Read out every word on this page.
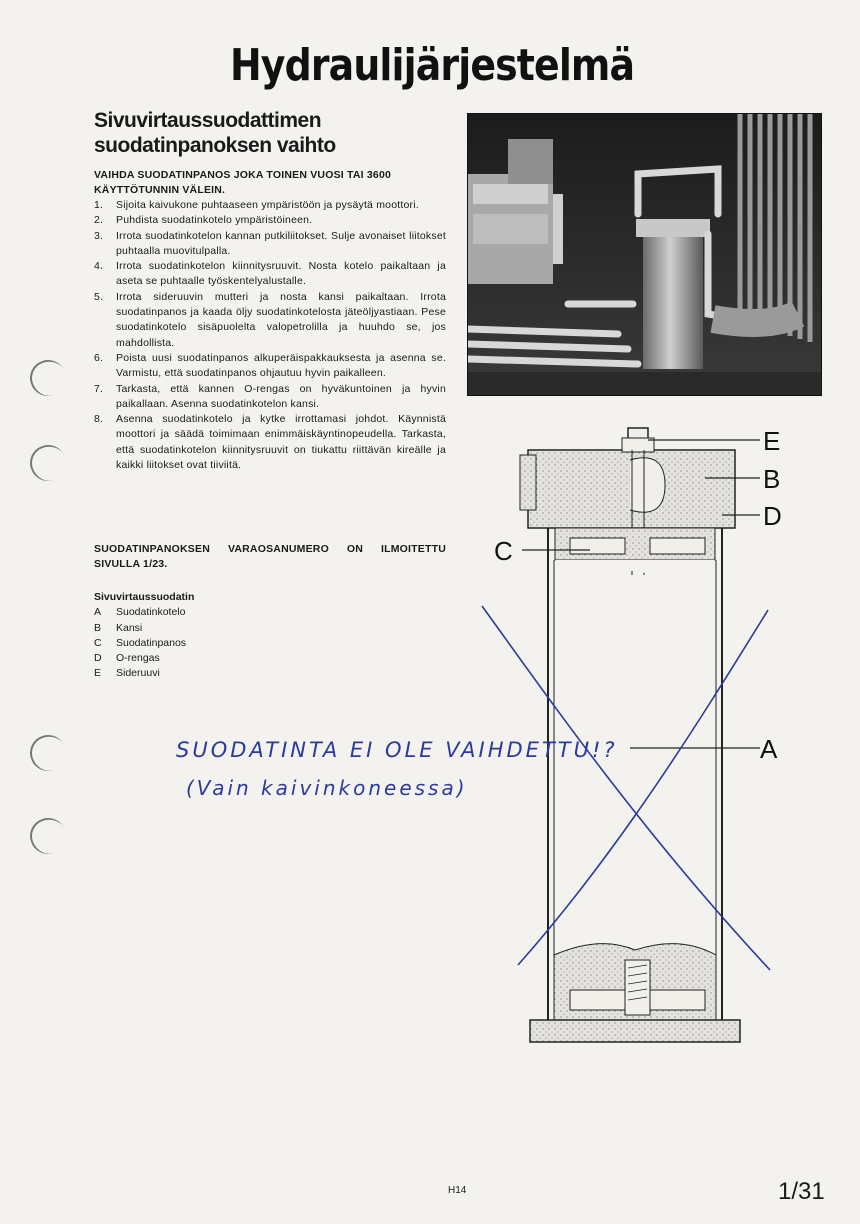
Hydraulijärjestelmä
Sivuvirtaussuodattimen suodatinpanoksen vaihto
VAIHDA SUODATINPANOS JOKA TOINEN VUOSI TAI 3600 KÄYTTÖTUNNIN VÄLEIN.
1.	Sijoita kaivukone puhtaaseen ympäristöön ja pysäytä moottori.
2.	Puhdista suodatinkotelo ympäristöineen.
3.	Irrota suodatinkotelon kannan putkiliitokset. Sulje avonaiset liitokset puhtaalla muovitulpalla.
4.	Irrota suodatinkotelon kiinnitysruuvit. Nosta kotelo paikaltaan ja aseta se puhtaalle työskentelyalustalle.
5.	Irrota sideruuvin mutteri ja nosta kansi paikaltaan. Irrota suodatinpanos ja kaada öljy suodatinkotelosta jäteöljyastiaan. Pese suodatinkotelo sisäpuolelta valopetrolilla ja huuhdo se, jos mahdollista.
6.	Poista uusi suodatinpanos alkuperäispakkauksesta ja asenna se. Varmistu, että suodatinpanos ohjautuu hyvin paikalleen.
7.	Tarkasta, että kannen O-rengas on hyväkuntoinen ja hyvin paikallaan. Asenna suodatinkotelon kansi.
8.	Asenna suodatinkotelo ja kytke irrottamasi johdot. Käynnistä moottori ja säädä toimimaan enimmäiskäyntinopeudella. Tarkasta, että suodatinkotelon kiinnitysruuvit on tiukattu riittävän kireälle ja kaikki liitokset ovat tiiviitä.
SUODATINPANOKSEN VARAOSANUMERO ON ILMOITETTU SIVULLA 1/23.
Sivuvirtaussuodatin
A	Suodatinkotelo
B	Kansi
C	Suodatinpanos
D	O-rengas
E	Sideruuvi
E
B
D
C
A
SUODATINTA EI OLE VAIHDETTU!?
(Vain kaivinkoneessa)
H14	1/31
